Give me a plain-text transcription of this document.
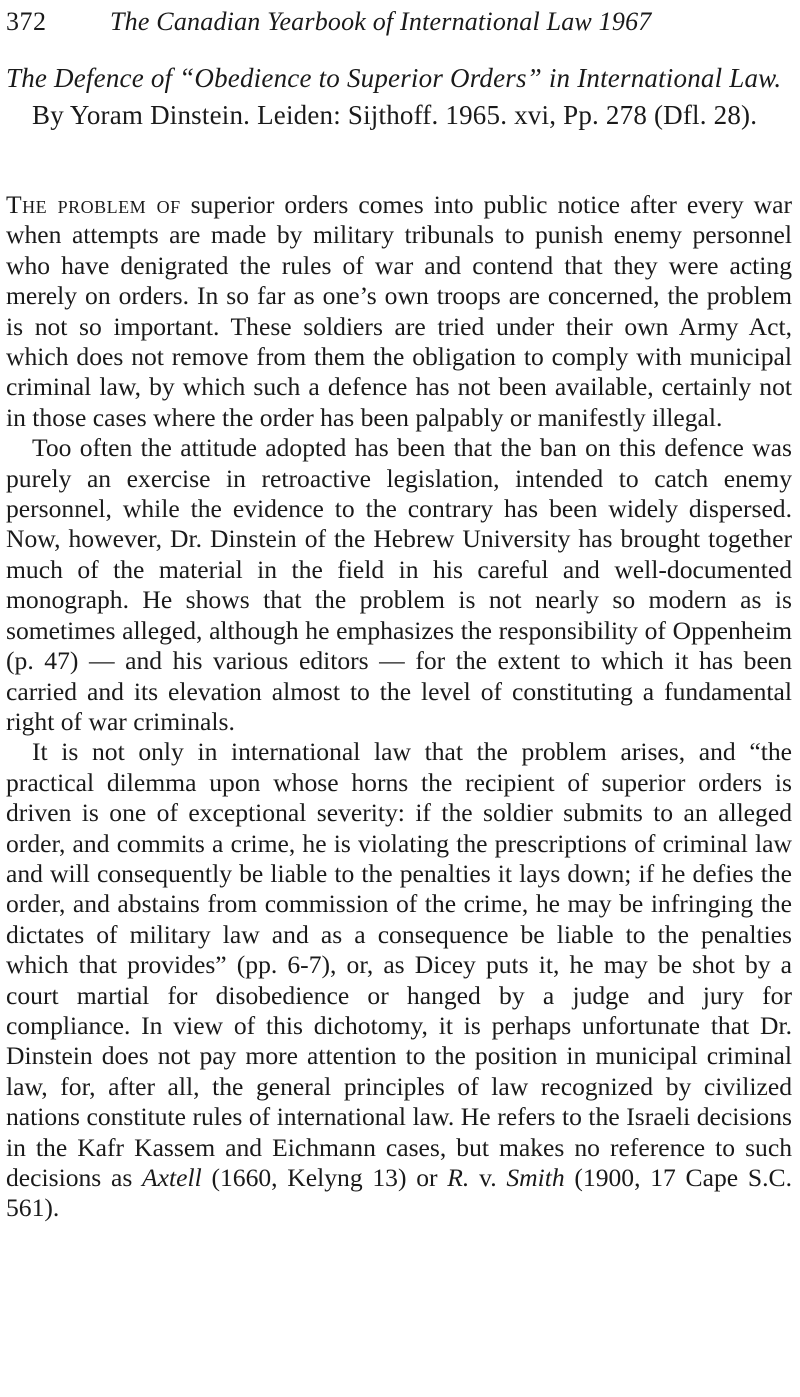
372 The Canadian Yearbook of International Law 1967
The Defence of “Obedience to Superior Orders” in International Law. By Yoram Dinstein. Leiden: Sijthoff. 1965. xvi, Pp. 278 (Dfl. 28).

The problem of superior orders comes into public notice after every war when attempts are made by military tribunals to punish enemy personnel who have denigrated the rules of war and contend that they were acting merely on orders. In so far as one’s own troops are concerned, the problem is not so important. These soldiers are tried under their own Army Act, which does not remove from them the obligation to comply with municipal criminal law, by which such a defence has not been available, certainly not in those cases where the order has been palpably or manifestly illegal.

Too often the attitude adopted has been that the ban on this defence was purely an exercise in retroactive legislation, intended to catch enemy personnel, while the evidence to the contrary has been widely dispersed. Now, however, Dr. Dinstein of the Hebrew University has brought together much of the material in the field in his careful and well-documented monograph. He shows that the problem is not nearly so modern as is sometimes alleged, although he emphasizes the responsibility of Oppenheim (p. 47) — and his various editors — for the extent to which it has been carried and its elevation almost to the level of constituting a fundamental right of war criminals.

It is not only in international law that the problem arises, and “the practical dilemma upon whose horns the recipient of superior orders is driven is one of exceptional severity: if the soldier submits to an alleged order, and commits a crime, he is violating the prescriptions of criminal law and will consequently be liable to the penalties it lays down; if he defies the order, and abstains from commission of the crime, he may be infringing the dictates of military law and as a consequence be liable to the penalties which that provides” (pp. 6-7), or, as Dicey puts it, he may be shot by a court martial for disobedience or hanged by a judge and jury for compliance. In view of this dichotomy, it is perhaps unfortunate that Dr. Dinstein does not pay more attention to the position in municipal criminal law, for, after all, the general principles of law recognized by civilized nations constitute rules of international law. He refers to the Israeli decisions in the Kafr Kassem and Eichmann cases, but makes no reference to such decisions as Axtell (1660, Kelyng 13) or R. v. Smith (1900, 17 Cape S.C. 561).
